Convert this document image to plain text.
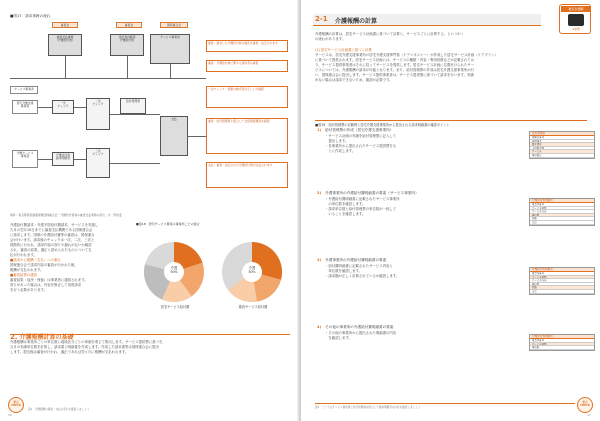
■図17　請求事務の流れ
審査会	審査会	国保連合会
審査支払事務
（介護給付費）
受給者台帳等
介護給付費
サービス事業者
サービス事業者
居宅介護支援
事業者
介護サービス
事業者
一次
チェック
二次
チェック
給付管理票
介護給付費
請求明細書
三次
チェック
支払
審査：請求した介護給付費の適否を審査・決定されます
審査：介護給付費に関する請求書の審査
一次チェック：書類の様式等が正しいか確認
審査：給付管理票と照合して支給限度額等を確認
支払：審査・決定された介護給付費が支払われます
資料：東京都国民健康保険団体連合会「介護給付費等の審査支払業務の流れ」を一部改変
介護給付費請求・介護予防給付費請求、サービスを実施し
た月の翌月10日までに審査支払機関である国保連合会
に請求します。国保の介護給付費等の審査は、国保連合
会が行います。請求後のチェックは一次、二次、三次と
段階的に行われ、請求内容の誤りや漏れがないか確認
され、審査の結果、適正と認められたものについて支
払が行われます。
■請求から報酬（支払）への流れ
国保連合会で請求内容の審査が行われた後、
報酬が支払われます。
■審査結果の通知
審査結果（返戻・保留）は事業者に通知されます。
誤りがあった場合は、内容を修正して再度請求
を行う必要があります。
■図18　居宅サービス費等の事業所ごとの割合
介護
50%
介護
50%
居宅サービス給付費	施設サービス給付費
2. 介護報酬計算の基礎
介護報酬は事業所ごとの単位数に地域区分ごとの単価を乗じて算出します。サービス提供票に基づき、
当月の実績単位数を計算し、請求書と明細書を作成します。作成した請求書等は国保連合会に提出
します。提出後は審査が行われ、適正であれば翌々月に報酬が支払われます。
要点
CHECK
図1　介護報酬の審査・支払の流れを確認しましょう
46
2-1 介護報酬の計算
要点を理解
★重要
介護報酬の計算は、居宅サービス計画書に基づいて計算と、サービスごとに計算する、という2つ
の流れがあります。
(1) 居宅サービス計画書に基づく計算
サービスは、居宅介護支援事業所の居宅介護支援専門員（ケアマネジャー）が作成した居宅サービス計画（ケアプラン）
に基づいて提供されます。居宅サービス計画には、サービスの種類・内容・利用回数などが記載されてお
り、サービス提供事業者はそれに従ってサービスを提供します。居宅サービス計画に位置付けられたサー
ビスについては、介護報酬の請求が可能となります。また、給付管理票の作成は居宅介護支援事業所が行
い、国保連合会に提出します。サービス提供事業者は、サービス提供票に基づいて請求を行います。実績
がない場合は請求できないため、確認が必要です。
■図19　給付管理票の記載例と居宅介護支援事業所から提出される請求明細書の確認ポイント
1) 給付管理票の作成（居宅介護支援事業所）
・サービス計画の実績を給付管理票に記入して
　提出します。
・各事業所から提出されたサービス提供票をも
　とに作成します。
給付管理票
保険者番号
被保険者
要介護度
支給限度額
サービス
単位数計
2) 介護事業所の介護給付費明細書の要素（サービス事業所）
・介護給付費明細書に記載されたサービス事業所
　の単位数を確認します。
・請求単位数と給付管理票の単位数が一致して
　いることを確認します。
介護給付費明細書
事業所番号
サービス種類
サービス内容
単位数
回数
合計
3) 介護事業所の介護給付費明細書の要素
・給付費明細書に記載されたサービス内容と
　単位数を確認します。
・請求額が正しく計算されているか確認します。
介護給付費明細書
事業所番号
サービス種類
サービス内容
単位数
回数
合計
4) その他の事業所の介護給付費明細書の要素
・その他の事業所から提出された明細書の内容
　を確認します。	介護給付費明細書
事業所番号
サービス種類
単位数
図1　ここではサービス提供票と給付管理票を照合して請求明細書の内容を確認しましょう
要点
CHECK
47
